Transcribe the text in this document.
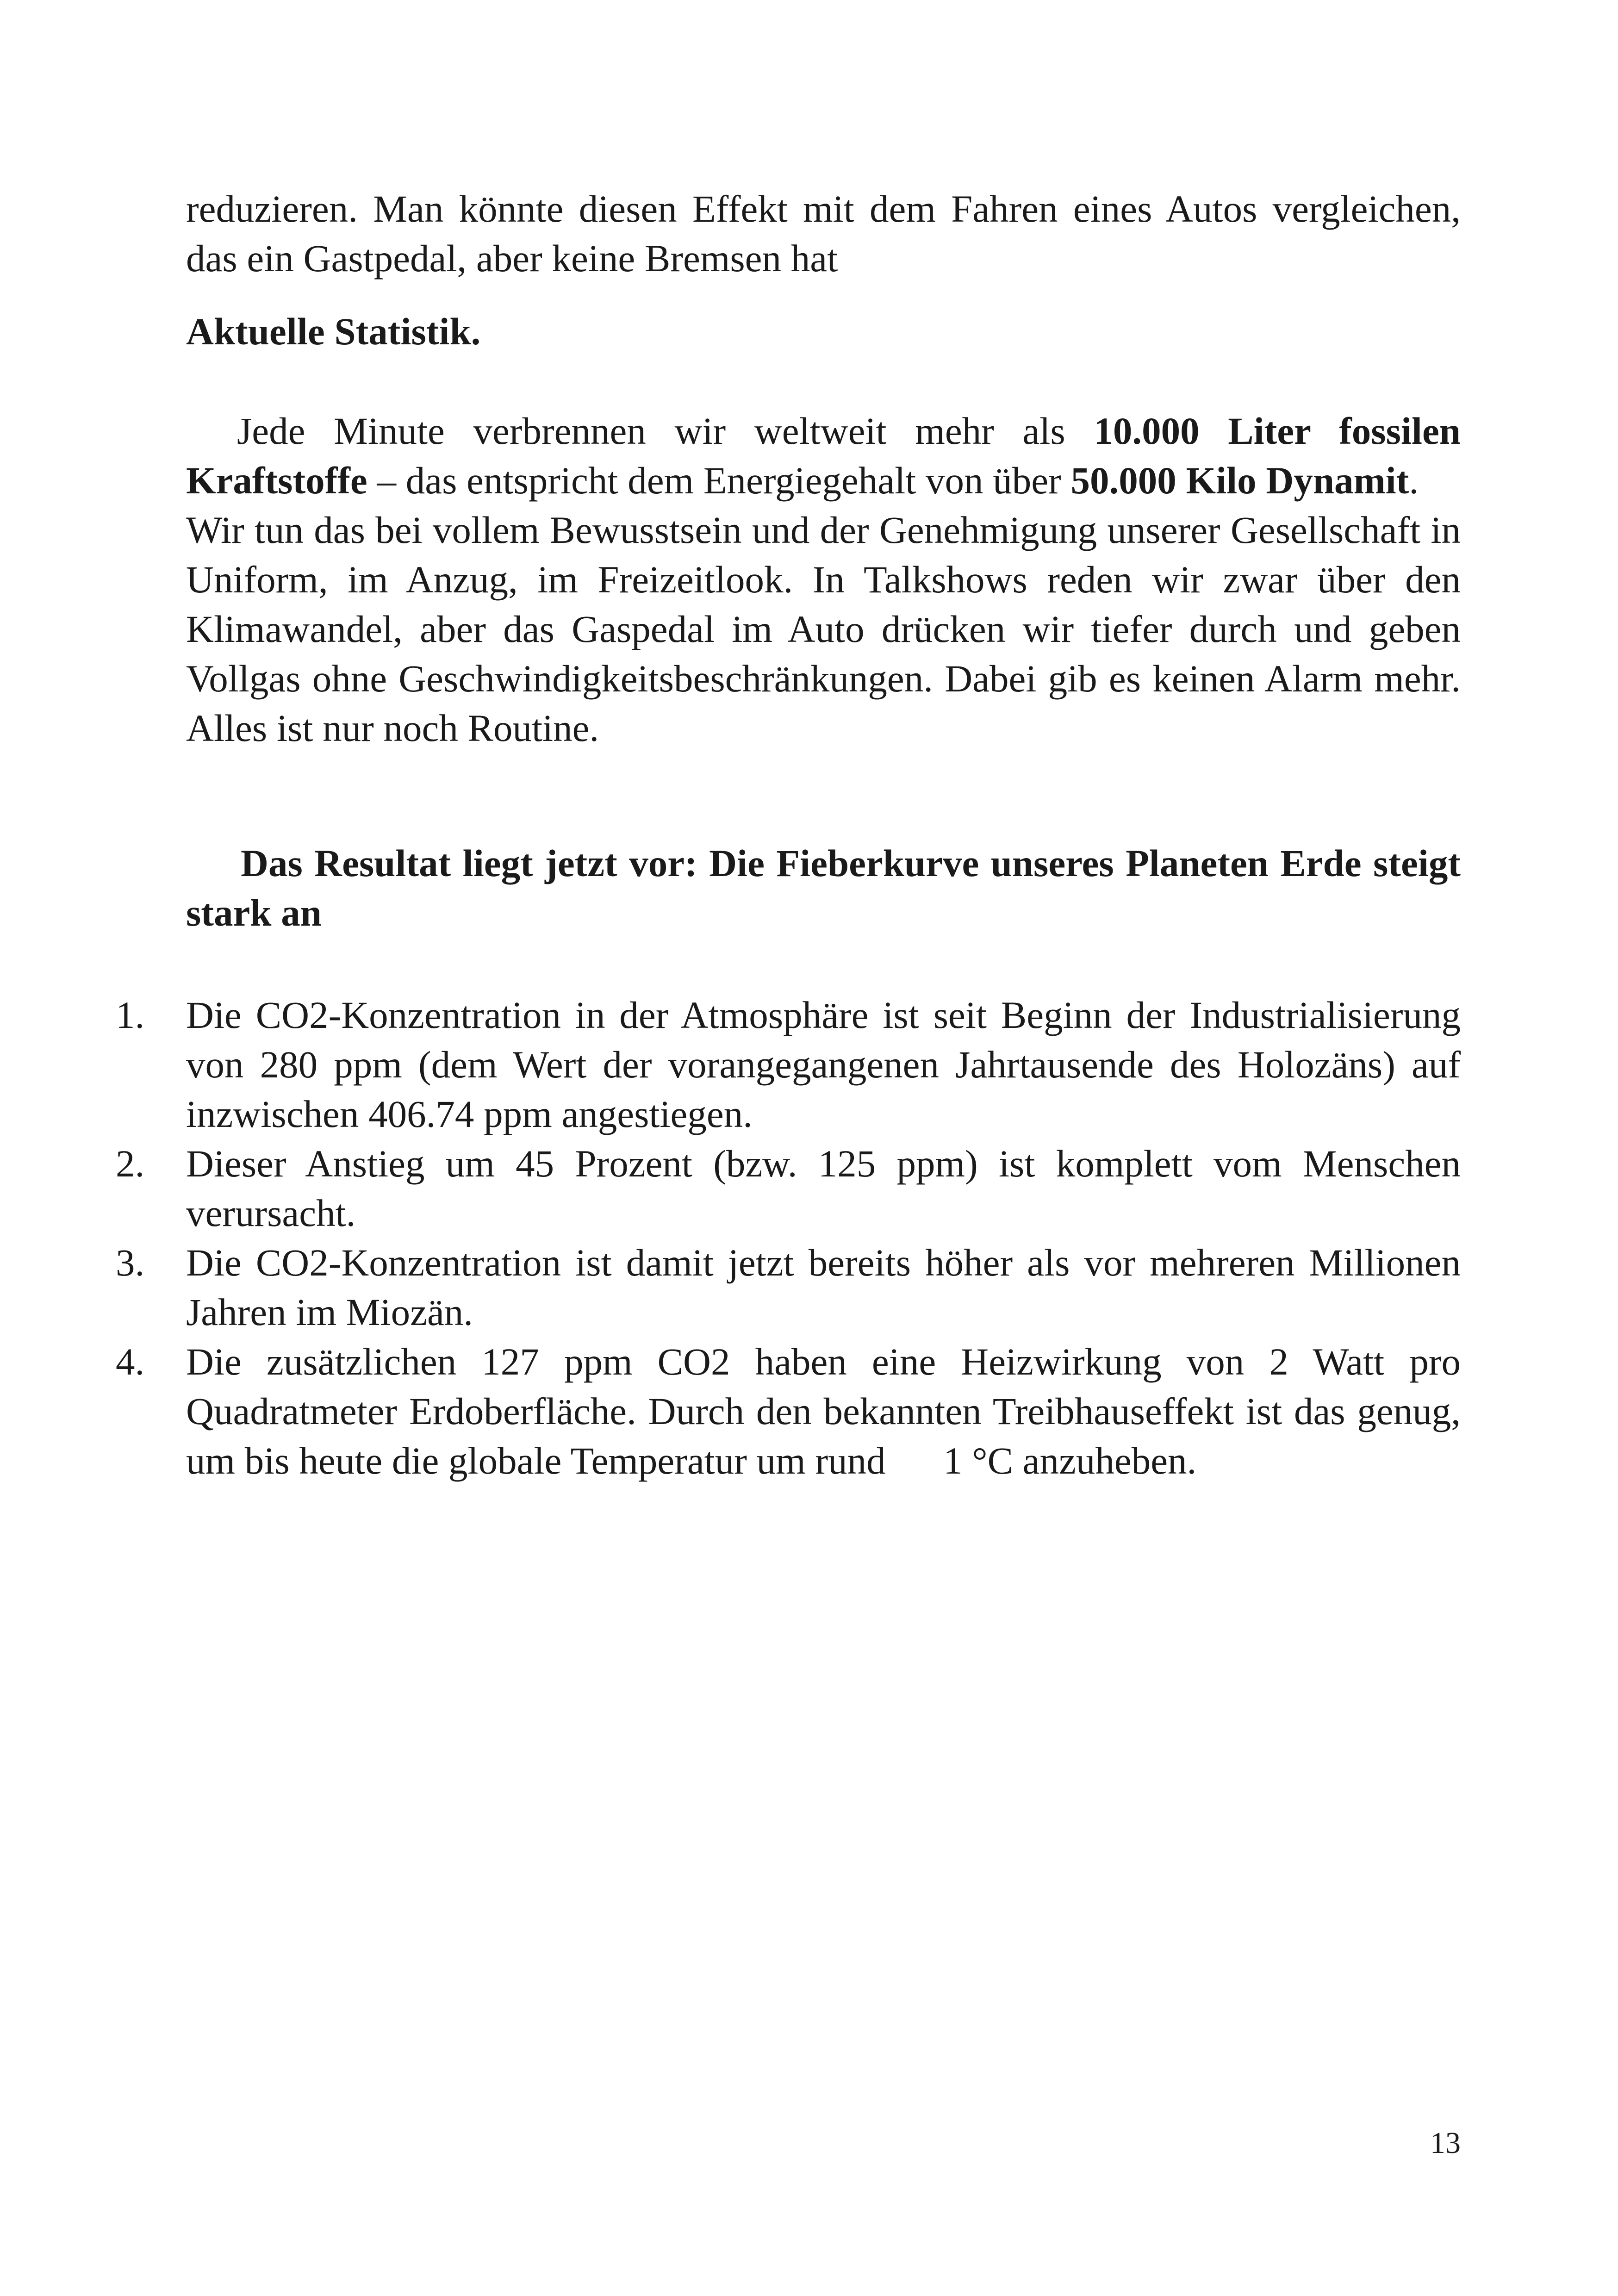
reduzieren. Man könnte diesen Effekt mit dem Fahren eines Autos vergleichen, das ein Gastpedal, aber keine Bremsen hat

Aktuelle Statistik.

Jede Minute verbrennen wir weltweit mehr als 10.000 Liter fossilen Kraftstoffe – das entspricht dem Energiegehalt von über 50.000 Kilo Dynamit.

Wir tun das bei vollem Bewusstsein und der Genehmigung unserer Gesellschaft in Uniform, im Anzug, im Freizeitlook. In Talkshows reden wir zwar über den Klimawandel, aber das Gaspedal im Auto drücken wir tiefer durch und geben Vollgas ohne Geschwindigkeitsbeschränkungen. Dabei gib es keinen Alarm mehr. Alles ist nur noch Routine.

Das Resultat liegt jetzt vor: Die Fieberkurve unseres Planeten Erde steigt stark an
1.	Die CO2-Konzentration in der Atmosphäre ist seit Beginn der Industrialisierung von 280 ppm (dem Wert der vorangegangenen Jahrtausende des Holozäns) auf inzwischen 406.74 ppm angestiegen.
2.	Dieser Anstieg um 45 Prozent (bzw. 125 ppm) ist komplett vom Menschen verursacht.
3.	Die CO2-Konzentration ist damit jetzt bereits höher als vor mehreren Millionen Jahren im Miozän.
4.	Die zusätzlichen 127 ppm CO2 haben eine Heizwirkung von 2 Watt pro Quadratmeter Erdoberfläche. Durch den bekannten Treibhauseffekt ist das genug, um bis heute die globale Temperatur um rund      1 °C anzuheben.
13
